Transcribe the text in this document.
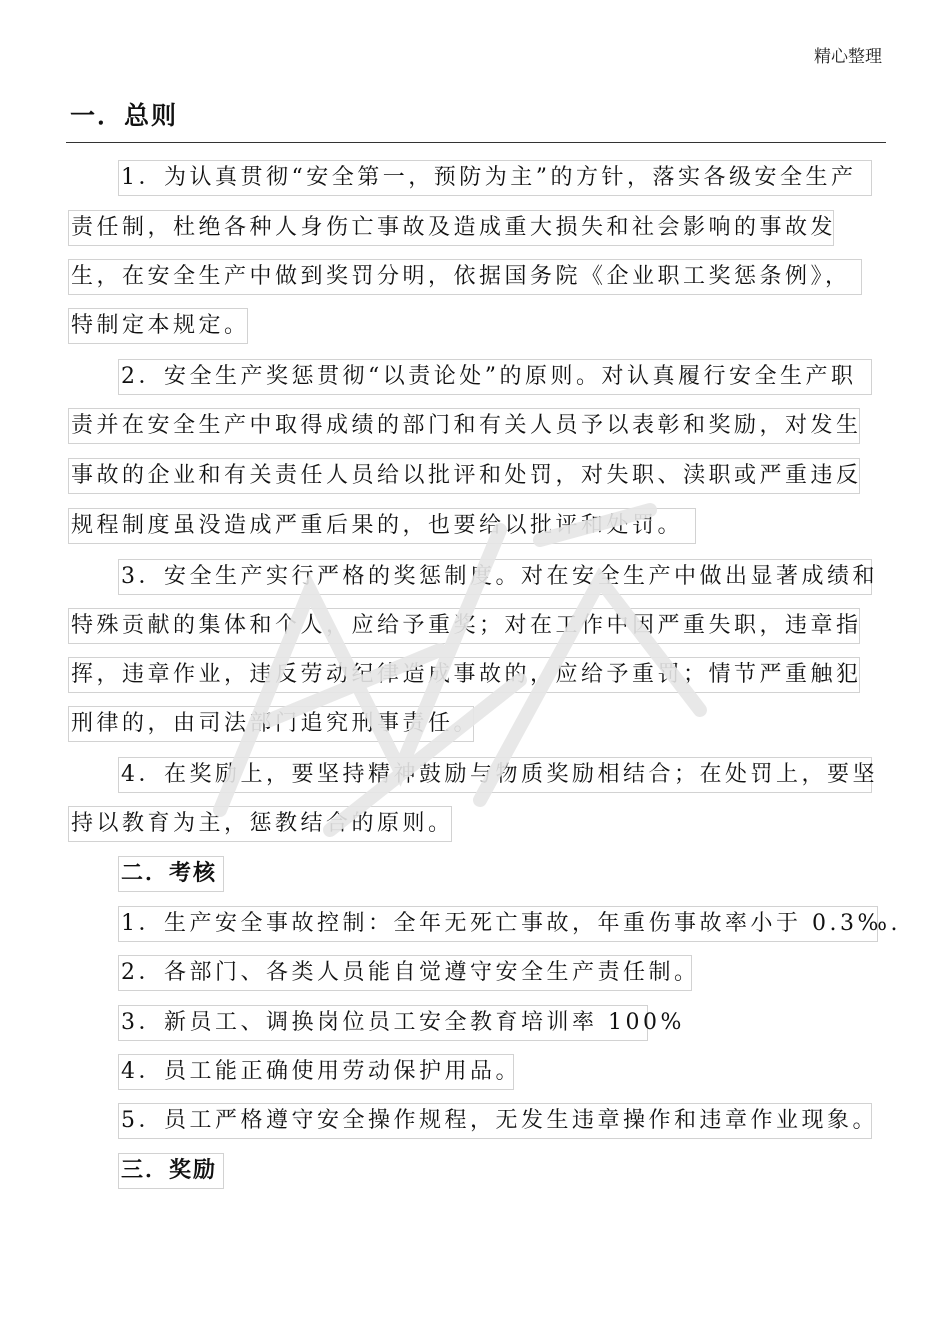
精心整理
一．总则
1．为认真贯彻“安全第一，预防为主”的方针，落实各级安全生产
责任制，杜绝各种人身伤亡事故及造成重大损失和社会影响的事故发
生，在安全生产中做到奖罚分明，依据国务院《企业职工奖惩条例》，
特制定本规定。
2．安全生产奖惩贯彻“以责论处”的原则。对认真履行安全生产职
责并在安全生产中取得成绩的部门和有关人员予以表彰和奖励，对发生
事故的企业和有关责任人员给以批评和处罚，对失职、渎职或严重违反
规程制度虽没造成严重后果的，也要给以批评和处罚。
3．安全生产实行严格的奖惩制度。对在安全生产中做出显著成绩和
特殊贡献的集体和个人，应给予重奖；对在工作中因严重失职，违章指
挥，违章作业，违反劳动纪律造成事故的，应给予重罚；情节严重触犯
刑律的，由司法部门追究刑事责任。
4．在奖励上，要坚持精神鼓励与物质奖励相结合；在处罚上，要坚
持以教育为主，惩教结合的原则。
二．考核
1．生产安全事故控制：全年无死亡事故，年重伤事故率小于 0.3‰.
2．各部门、各类人员能自觉遵守安全生产责任制。
3．新员工、调换岗位员工安全教育培训率 100%
4．员工能正确使用劳动保护用品。
5．员工严格遵守安全操作规程，无发生违章操作和违章作业现象。
三．奖励
